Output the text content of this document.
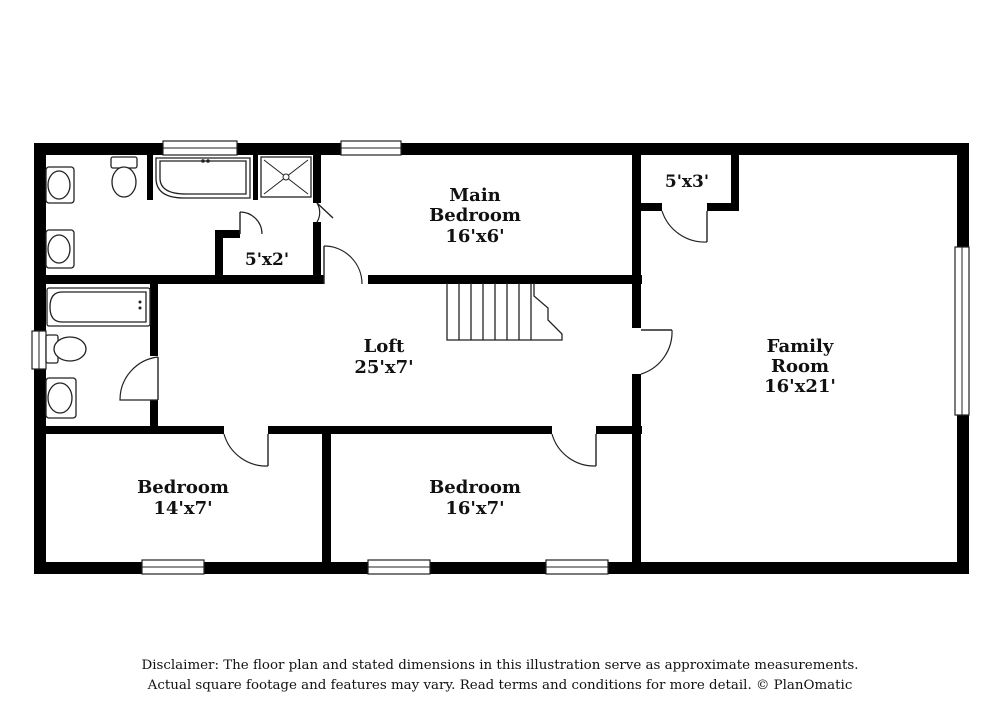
Main
Bedroom
16'x6'
5'x2'
5'x3'
Loft
25'x7'
Family
Room
16'x21'
Bedroom
14'x7'
Bedroom
16'x7'
Disclaimer: The floor plan and stated dimensions in this illustration serve as approximate measurements.
Actual square footage and features may vary. Read terms and conditions for more detail. © PlanOmatic
